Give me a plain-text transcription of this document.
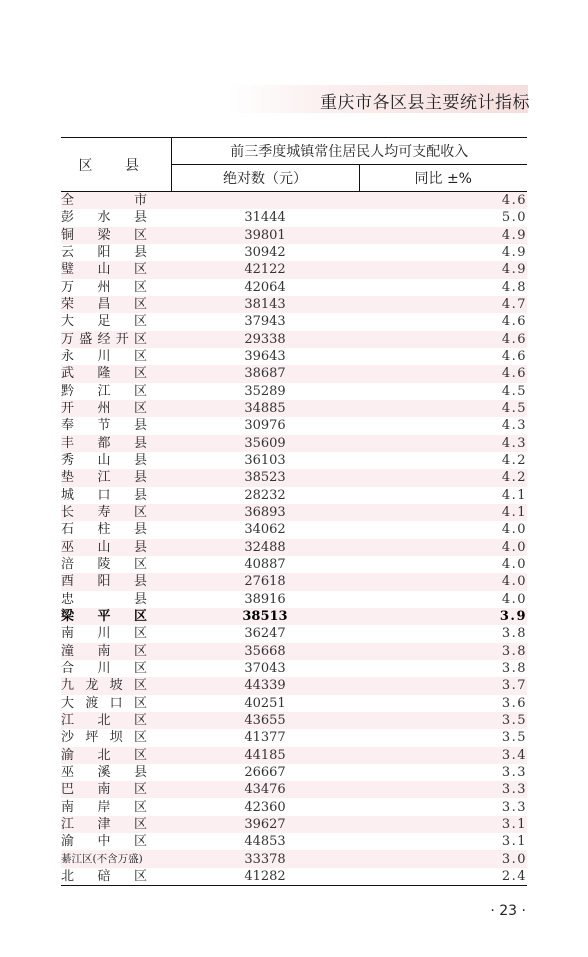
重庆市各区县主要统计指标
区 县	前三季度城镇常住居民人均可支配收入	
	绝对数（元）	同比 ±%

全 市		4.6

彭 水 县	31444	5.0

铜 梁 区	39801	4.9

云 阳 县	30942	4.9

璧 山 区	42122	4.9

万 州 区	42064	4.8

荣 昌 区	38143	4.7

大 足 区	37943	4.6

万 盛 经 开 区	29338	4.6

永 川 区	39643	4.6

武 隆 区	38687	4.6

黔 江 区	35289	4.5

开 州 区	34885	4.5

奉 节 县	30976	4.3

丰 都 县	35609	4.3

秀 山 县	36103	4.2

垫 江 县	38523	4.2

城 口 县	28232	4.1

长 寿 区	36893	4.1

石 柱 县	34062	4.0

巫 山 县	32488	4.0

涪 陵 区	40887	4.0

酉 阳 县	27618	4.0

忠 县	38916	4.0

梁 平 区	38513	3.9

南 川 区	36247	3.8

潼 南 区	35668	3.8

合 川 区	37043	3.8

九 龙 坡 区	44339	3.7

大 渡 口 区	40251	3.6

江 北 区	43655	3.5

沙 坪 坝 区	41377	3.5

渝 北 区	44185	3.4

巫 溪 县	26667	3.3

巴 南 区	43476	3.3

南 岸 区	42360	3.3

江 津 区	39627	3.1

渝 中 区	44853	3.1

綦江区(不含万盛)	33378	3.0

北 碚 区	41282	2.4
· 23 ·
